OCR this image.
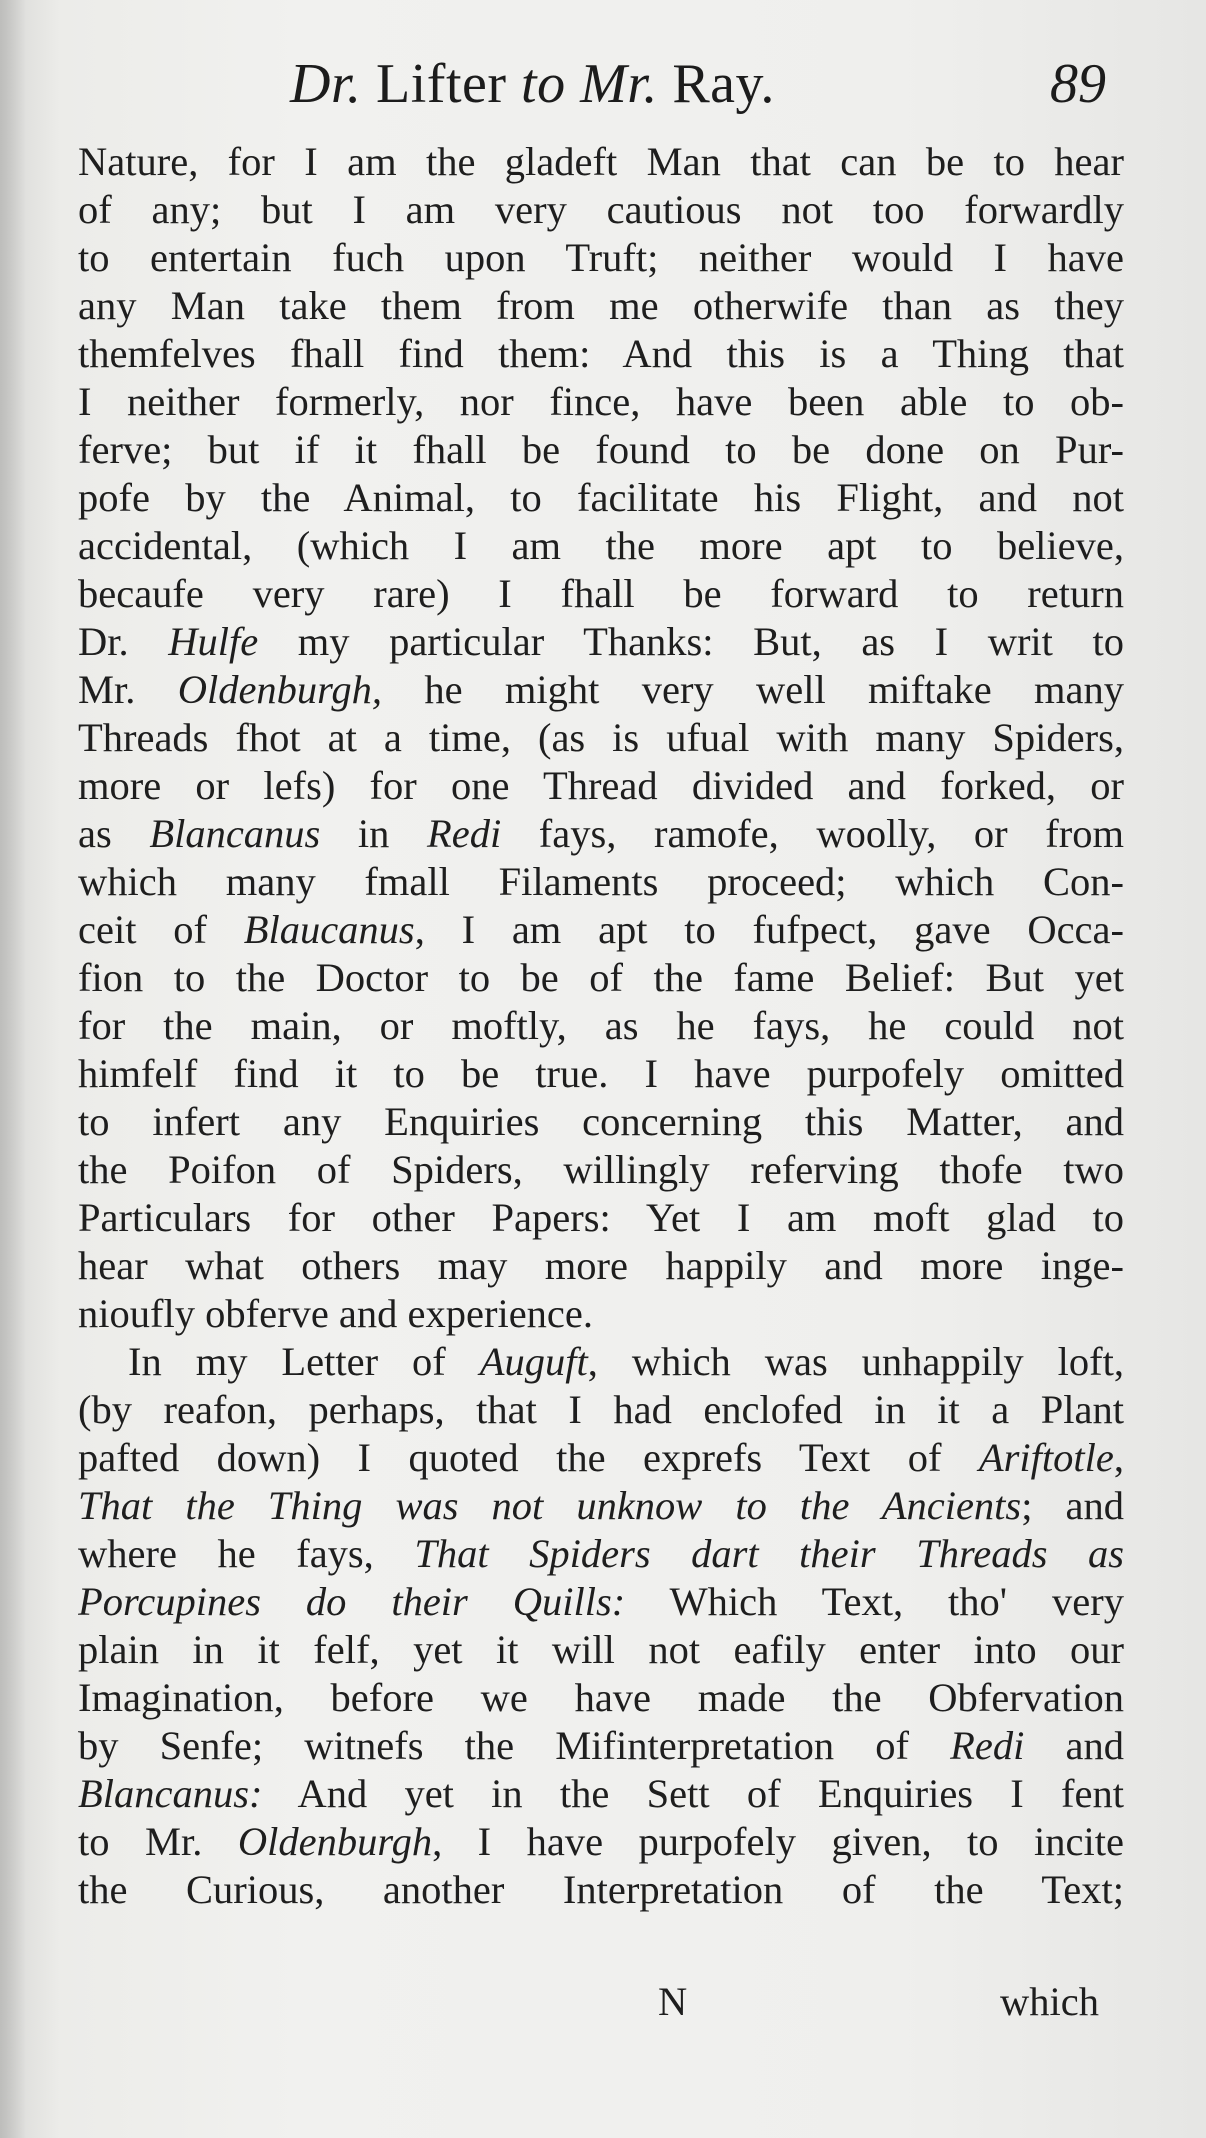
Dr. Lifter to Mr. Ray.	89
Nature, for I am the gladeft Man that can be to hear
of any; but I am very cautious not too forwardly
to entertain fuch upon Truft; neither would I have
any Man take them from me otherwife than as they
themfelves fhall find them: And this is a Thing that
I neither formerly, nor fince, have been able to ob-
ferve; but if it fhall be found to be done on Pur-
pofe by the Animal, to facilitate his Flight, and not
accidental, (which I am the more apt to believe,
becaufe very rare) I fhall be forward to return
Dr. Hulfe my particular Thanks: But, as I writ to
Mr. Oldenburgh, he might very well miftake many
Threads fhot at a time, (as is ufual with many Spiders,
more or lefs) for one Thread divided and forked, or
as Blancanus in Redi fays, ramofe, woolly, or from
which many fmall Filaments proceed; which Con-
ceit of Blaucanus, I am apt to fufpect, gave Occa-
fion to the Doctor to be of the fame Belief: But yet
for the main, or moftly, as he fays, he could not
himfelf find it to be true. I have purpofely omitted
to infert any Enquiries concerning this Matter, and
the Poifon of Spiders, willingly referving thofe two
Particulars for other Papers: Yet I am moft glad to
hear what others may more happily and more inge-
nioufly obferve and experience.
In my Letter of Auguft, which was unhappily loft,
(by reafon, perhaps, that I had enclofed in it a Plant
pafted down) I quoted the exprefs Text of Ariftotle,
That the Thing was not unknow to the Ancients; and
where he fays, That Spiders dart their Threads as
Porcupines do their Quills: Which Text, tho' very
plain in it felf, yet it will not eafily enter into our
Imagination, before we have made the Obfervation
by Senfe; witnefs the Mifinterpretation of Redi and
Blancanus: And yet in the Sett of Enquiries I fent
to Mr. Oldenburgh, I have purpofely given, to incite
the Curious, another Interpretation of the Text;
N	which
